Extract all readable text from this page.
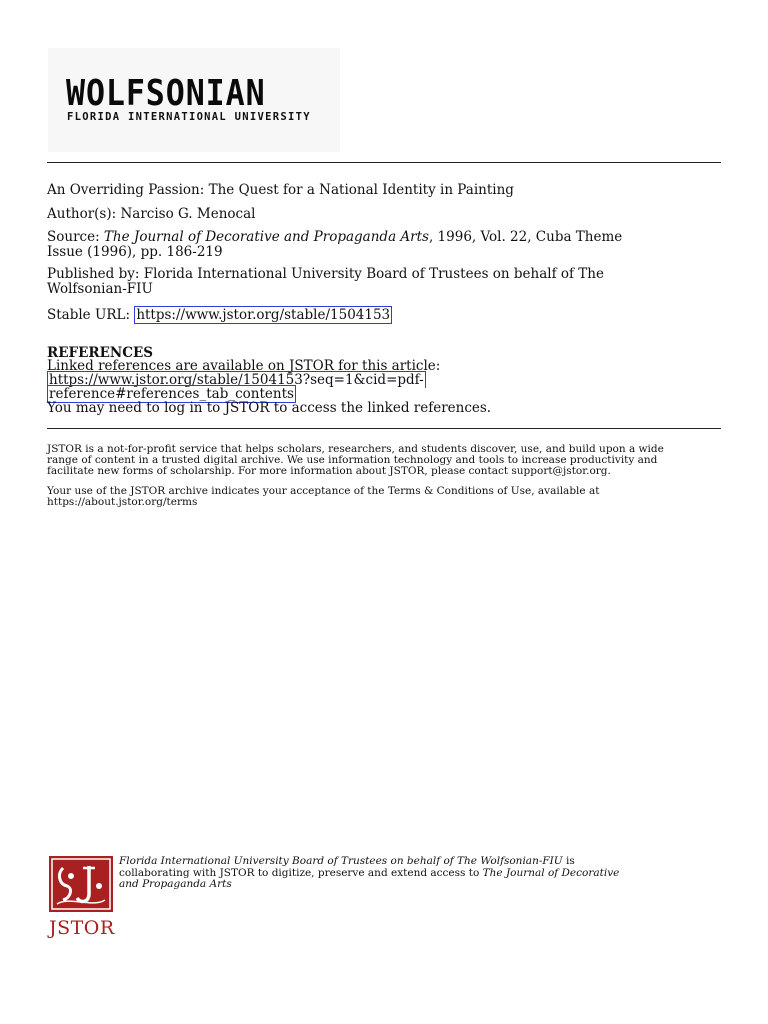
WOLFSONIAN
FLORIDA INTERNATIONAL UNIVERSITY
An Overriding Passion: The Quest for a National Identity in Painting
Author(s): Narciso G. Menocal
Source: The Journal of Decorative and Propaganda Arts, 1996, Vol. 22, Cuba Theme
Issue (1996), pp. 186-219
Published by: Florida International University Board of Trustees on behalf of The
Wolfsonian-FIU
Stable URL: https://www.jstor.org/stable/1504153
REFERENCES
Linked references are available on JSTOR for this article:
https://www.jstor.org/stable/1504153?seq=1&cid=pdf-
reference#references_tab_contents
You may need to log in to JSTOR to access the linked references.
JSTOR is a not-for-profit service that helps scholars, researchers, and students discover, use, and build upon a wide
range of content in a trusted digital archive. We use information technology and tools to increase productivity and
facilitate new forms of scholarship. For more information about JSTOR, please contact support@jstor.org.
Your use of the JSTOR archive indicates your acceptance of the Terms & Conditions of Use, available at
https://about.jstor.org/terms
JSTOR
Florida International University Board of Trustees on behalf of The Wolfsonian-FIU is
collaborating with JSTOR to digitize, preserve and extend access to The Journal of Decorative
and Propaganda Arts
